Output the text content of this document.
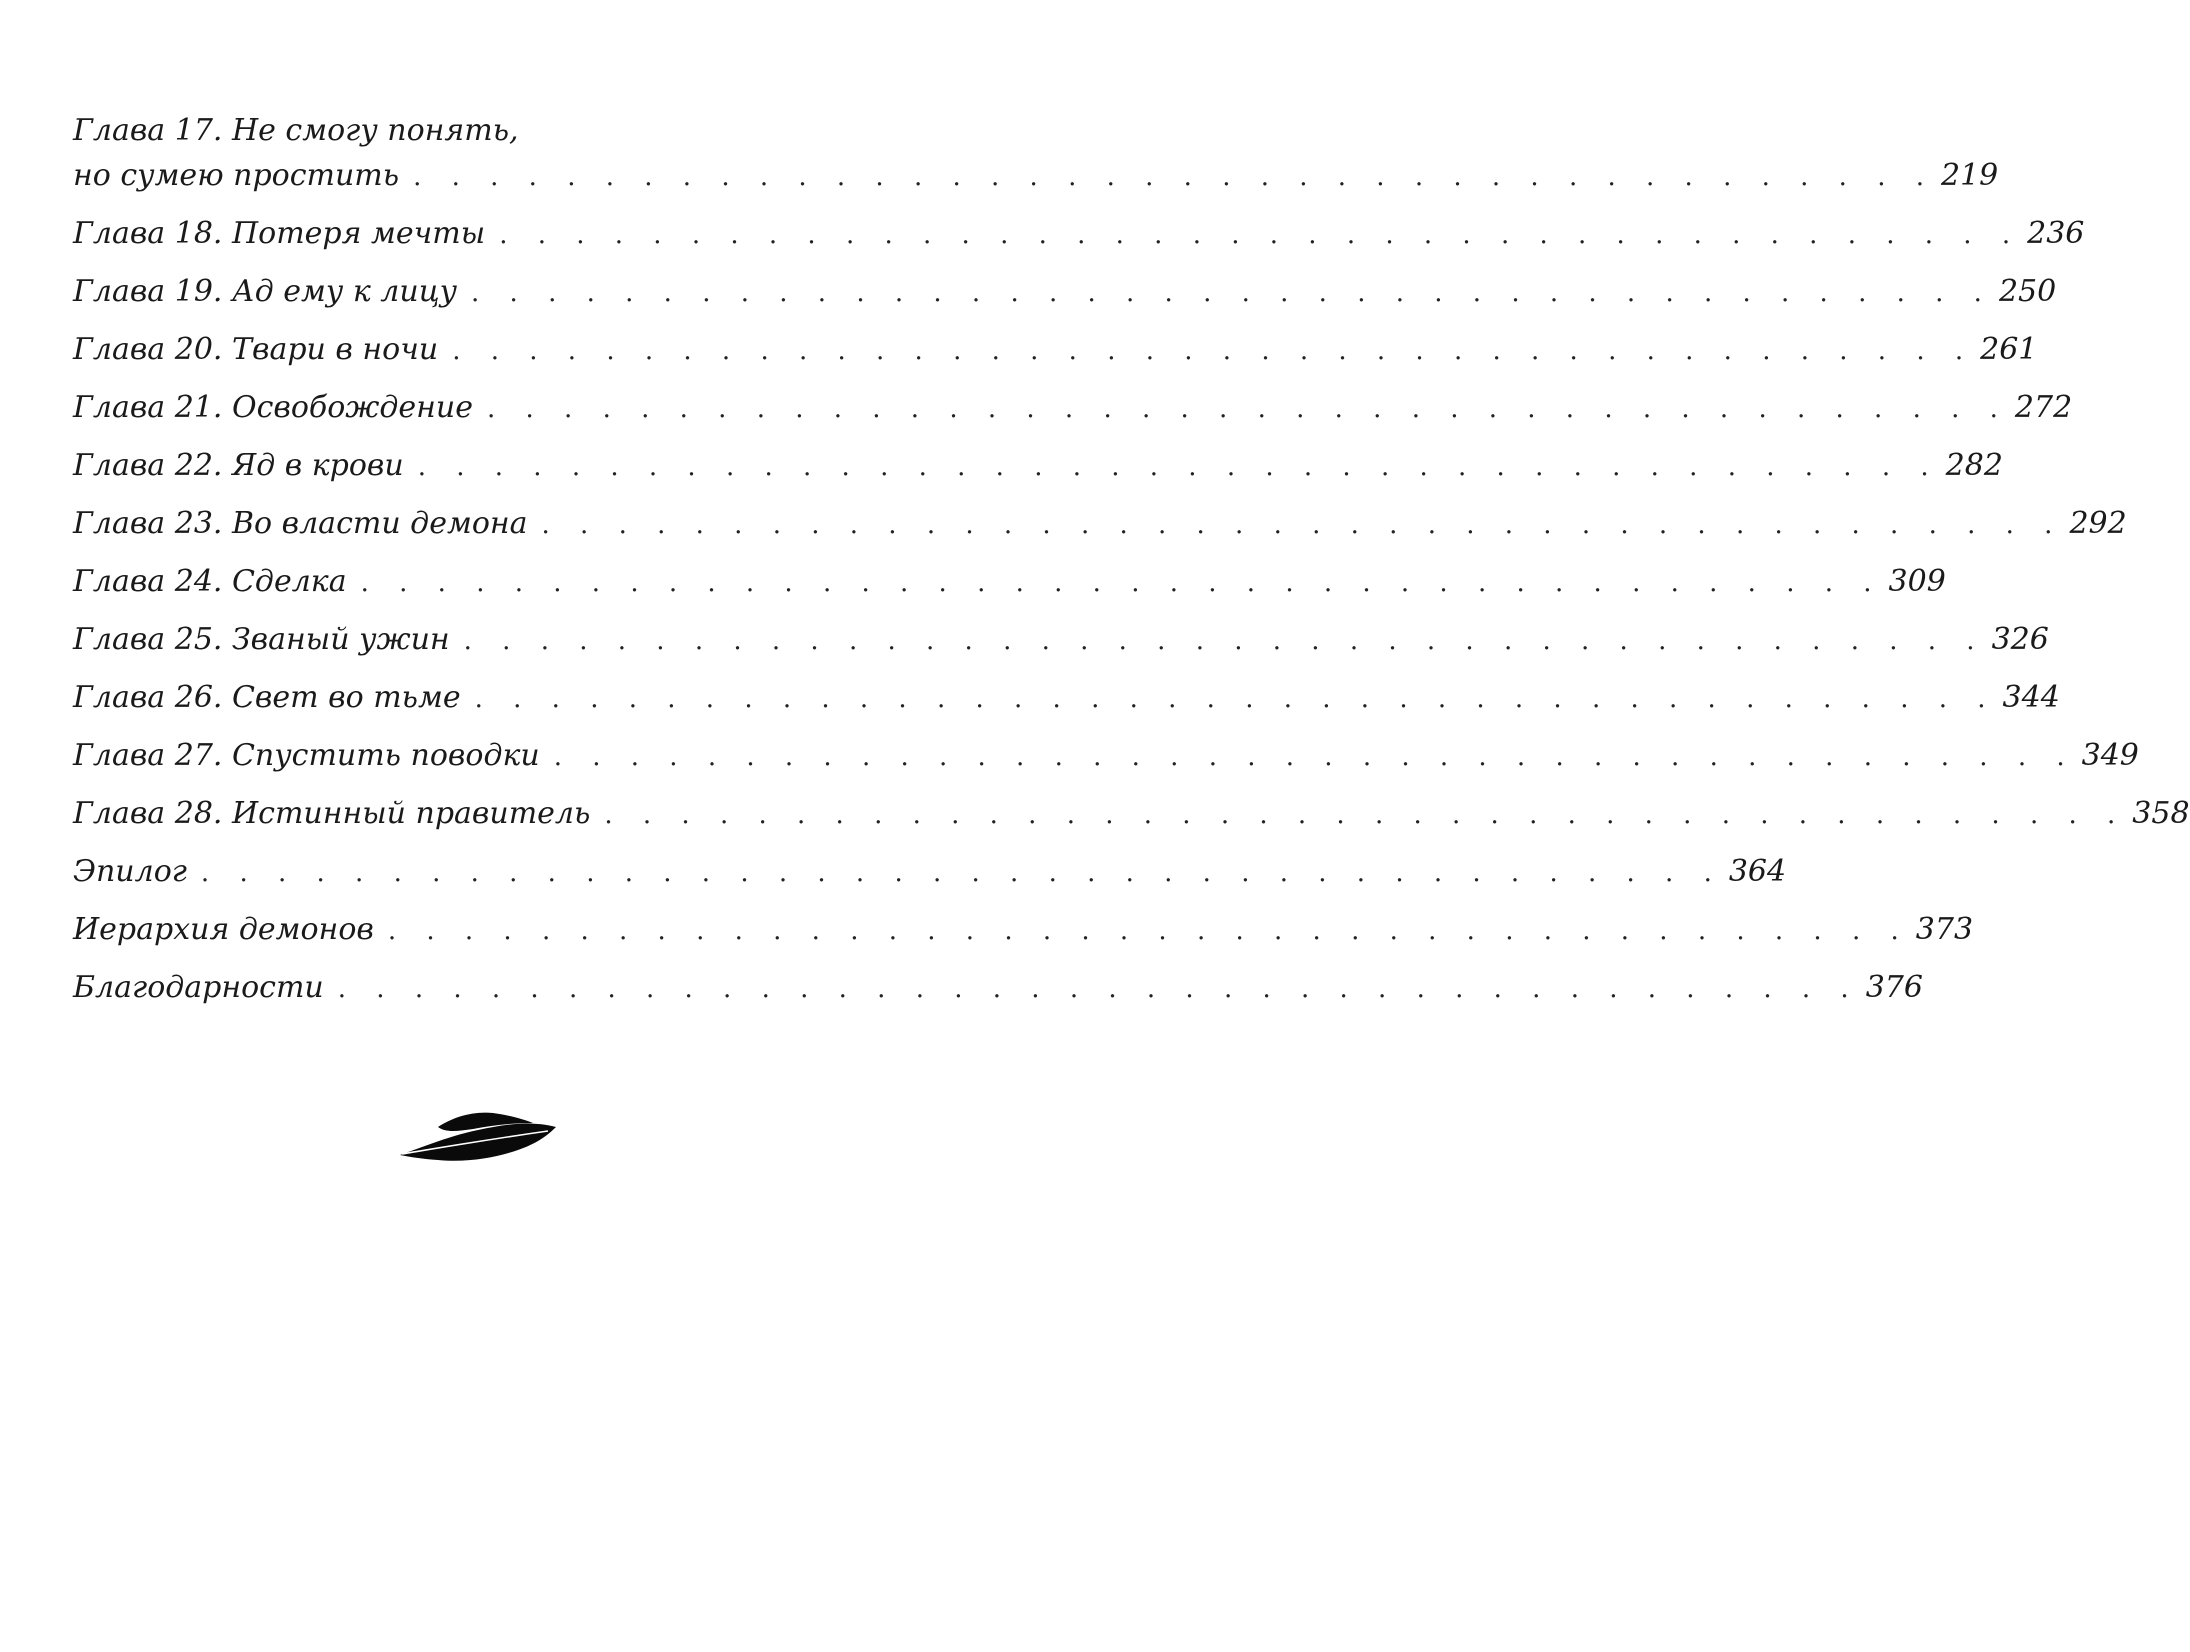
Глава 17. Не смогу понять,
но сумею простить . . . . . . . . . . . . . . . . . . . . . . . . . . . . . . . . . . . . . . . . 219
Глава 18. Потеря мечты . . . . . . . . . . . . . . . . . . . . . . . . . . . . . . . . . . . . . . . . 236
Глава 19. Ад ему к лицу . . . . . . . . . . . . . . . . . . . . . . . . . . . . . . . . . . . . . . . . 250
Глава 20. Твари в ночи . . . . . . . . . . . . . . . . . . . . . . . . . . . . . . . . . . . . . . . . 261
Глава 21. Освобождение . . . . . . . . . . . . . . . . . . . . . . . . . . . . . . . . . . . . . . . . 272
Глава 22. Яд в крови . . . . . . . . . . . . . . . . . . . . . . . . . . . . . . . . . . . . . . . . 282
Глава 23. Во власти демона . . . . . . . . . . . . . . . . . . . . . . . . . . . . . . . . . . . . . . . . 292
Глава 24. Сделка . . . . . . . . . . . . . . . . . . . . . . . . . . . . . . . . . . . . . . . . 309
Глава 25. Званый ужин . . . . . . . . . . . . . . . . . . . . . . . . . . . . . . . . . . . . . . . . 326
Глава 26. Свет во тьме . . . . . . . . . . . . . . . . . . . . . . . . . . . . . . . . . . . . . . . . 344
Глава 27. Спустить поводки . . . . . . . . . . . . . . . . . . . . . . . . . . . . . . . . . . . . . . . . 349
Глава 28. Истинный правитель . . . . . . . . . . . . . . . . . . . . . . . . . . . . . . . . . . . . . . . . 358
Эпилог . . . . . . . . . . . . . . . . . . . . . . . . . . . . . . . . . . . . . . . . 364
Иерархия демонов . . . . . . . . . . . . . . . . . . . . . . . . . . . . . . . . . . . . . . . . 373
Благодарности . . . . . . . . . . . . . . . . . . . . . . . . . . . . . . . . . . . . . . . . 376
